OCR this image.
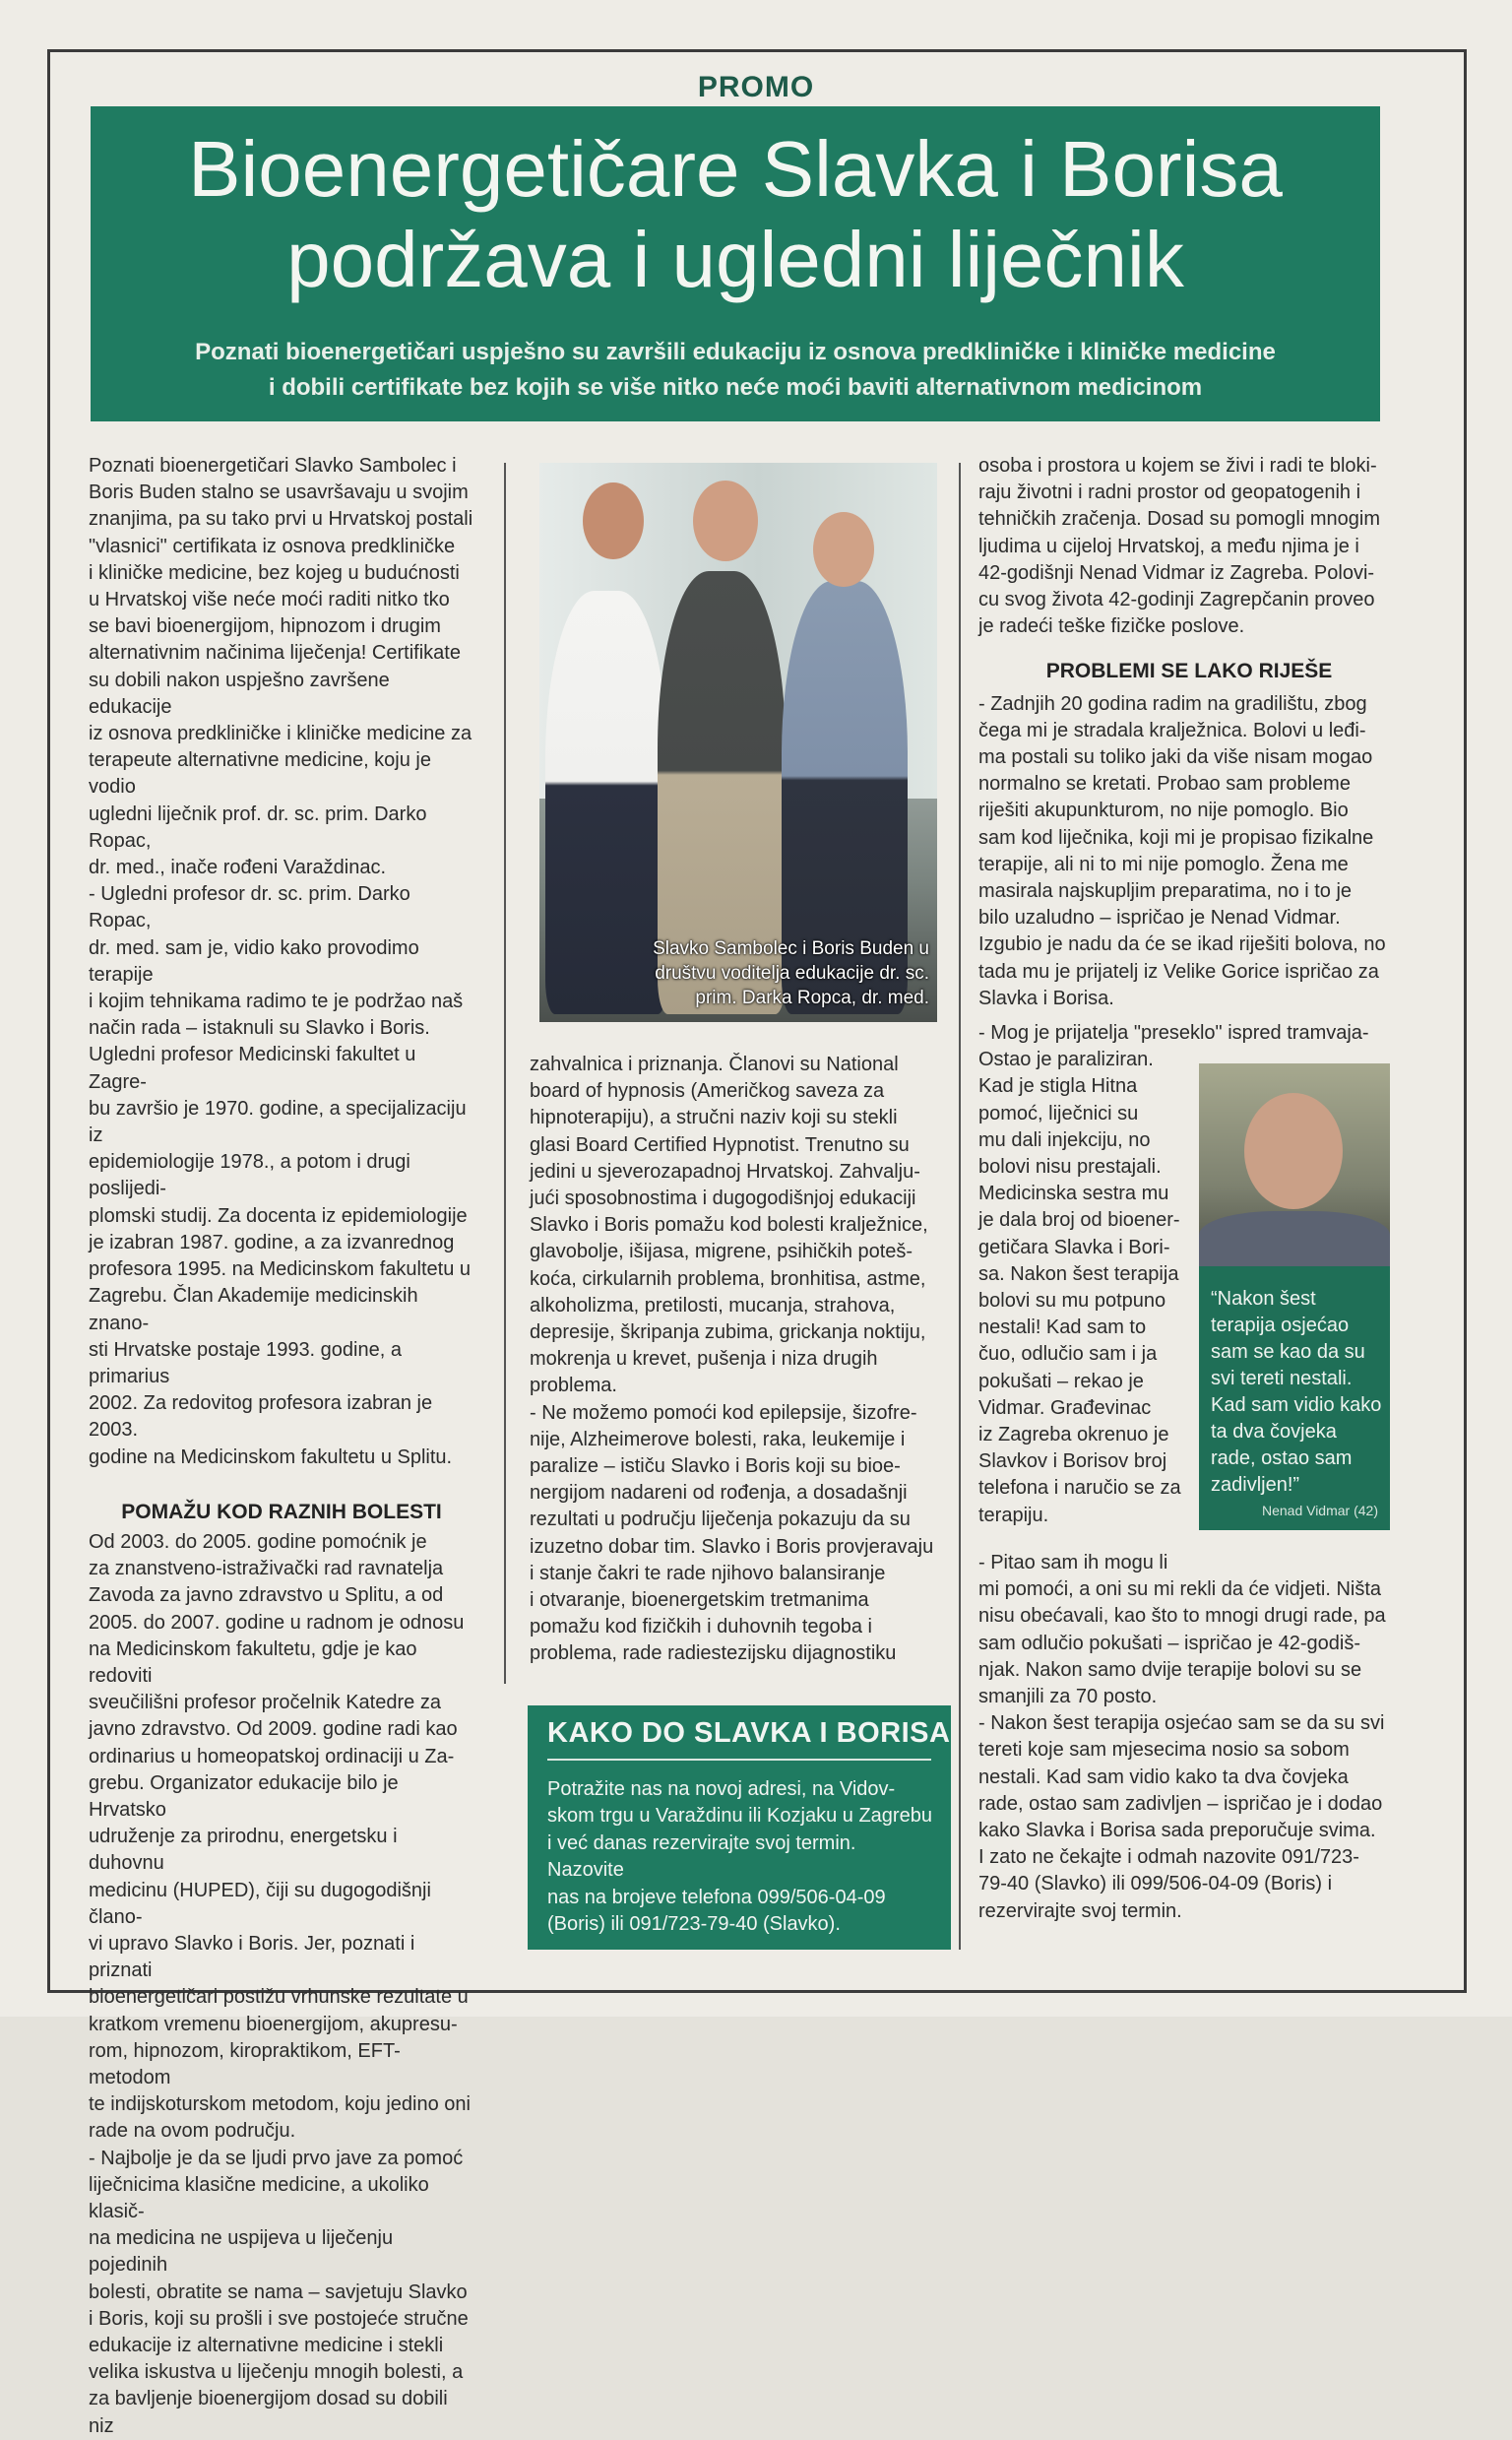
PROMO
Bioenergetičare Slavka i Borisa
podržava i ugledni liječnik
Poznati bioenergetičari uspješno su završili edukaciju iz osnova predkliničke i kliničke medicine
i dobili certifikate bez kojih se više nitko neće moći baviti alternativnom medicinom

Poznati bioenergetičari Slavko Sambolec i
Boris Buden stalno se usavršavaju u svojim
znanjima, pa su tako prvi u Hrvatskoj postali
"vlasnici" certifikata iz osnova predkliničke
i kliničke medicine, bez kojeg u budućnosti
u Hrvatskoj više neće moći raditi nitko tko
se bavi bioenergijom, hipnozom i drugim
alternativnim načinima liječenja! Certifikate
su dobili nakon uspješno završene edukacije
iz osnova predkliničke i kliničke medicine za
terapeute alternativne medicine, koju je vodio
ugledni liječnik prof. dr. sc. prim. Darko Ropac,
dr. med., inače rođeni Varaždinac.

- Ugledni profesor dr. sc. prim. Darko Ropac,
dr. med. sam je, vidio kako provodimo terapije
i kojim tehnikama radimo te je podržao naš
način rada – istaknuli su Slavko i Boris.
Ugledni profesor Medicinski fakultet u Zagre-
bu završio je 1970. godine, a specijalizaciju iz
epidemiologije 1978., a potom i drugi poslijedi-
plomski studij. Za docenta iz epidemiologije
je izabran 1987. godine, a za izvanrednog
profesora 1995. na Medicinskom fakultetu u
Zagrebu. Član Akademije medicinskih znano-
sti Hrvatske postaje 1993. godine, a primarius
2002. Za redovitog profesora izabran je 2003.
godine na Medicinskom fakultetu u Splitu.

POMAŽU KOD RAZNIH BOLESTI

Od 2003. do 2005. godine pomoćnik je
za znanstveno-istraživački rad ravnatelja
Zavoda za javno zdravstvo u Splitu, a od
2005. do 2007. godine u radnom je odnosu
na Medicinskom fakultetu, gdje je kao redoviti
sveučilišni profesor pročelnik Katedre za
javno zdravstvo. Od 2009. godine radi kao
ordinarius u homeopatskoj ordinaciji u Za-
grebu. Organizator edukacije bilo je Hrvatsko
udruženje za prirodnu, energetsku i duhovnu
medicinu (HUPED), čiji su dugogodišnji člano-
vi upravo Slavko i Boris. Jer, poznati i priznati
bioenergetičari postižu vrhunske rezultate u
kratkom vremenu bioenergijom, akupresu-
rom, hipnozom, kiropraktikom, EFT-metodom
te indijskoturskom metodom, koju jedino oni
rade na ovom području.

- Najbolje je da se ljudi prvo jave za pomoć
liječnicima klasične medicine, a ukoliko klasič-
na medicina ne uspijeva u liječenju pojedinih
bolesti, obratite se nama – savjetuju Slavko
i Boris, koji su prošli i sve postojeće stručne
edukacije iz alternativne medicine i stekli
velika iskustva u liječenju mnogih bolesti, a
za bavljenje bioenergijom dosad su dobili niz

Slavko Sambolec i Boris Buden u
društvu voditelja edukacije dr. sc.
prim. Darka Ropca, dr. med.

zahvalnica i priznanja. Članovi su National
board of hypnosis (Američkog saveza za
hipnoterapiju), a stručni naziv koji su stekli
glasi Board Certified Hypnotist. Trenutno su
jedini u sjeverozapadnoj Hrvatskoj. Zahvalju-
jući sposobnostima i dugogodišnjoj edukaciji
Slavko i Boris pomažu kod bolesti kralježnice,
glavobolje, išijasa, migrene, psihičkih poteš-
koća, cirkularnih problema, bronhitisa, astme,
alkoholizma, pretilosti, mucanja, strahova,
depresije, škripanja zubima, grickanja noktiju,
mokrenja u krevet, pušenja i niza drugih
problema.

- Ne možemo pomoći kod epilepsije, šizofre-
nije, Alzheimerove bolesti, raka, leukemije i
paralize – ističu Slavko i Boris koji su bioe-
nergijom nadareni od rođenja, a dosadašnji
rezultati u području liječenja pokazuju da su
izuzetno dobar tim. Slavko i Boris provjeravaju
i stanje čakri te rade njihovo balansiranje
i otvaranje, bioenergetskim tretmanima
pomažu kod fizičkih i duhovnih tegoba i
problema, rade radiestezijsku dijagnostiku

KAKO DO SLAVKA I BORISA
Potražite nas na novoj adresi, na Vidov-
skom trgu u Varaždinu ili Kozjaku u Zagrebu
i već danas rezervirajte svoj termin. Nazovite
nas na brojeve telefona 099/506-04-09
(Boris) ili 091/723-79-40 (Slavko).

osoba i prostora u kojem se živi i radi te bloki-
raju životni i radni prostor od geopatogenih i
tehničkih zračenja. Dosad su pomogli mnogim
ljudima u cijeloj Hrvatskoj, a među njima je i
42-godišnji Nenad Vidmar iz Zagreba. Polovi-
cu svog života 42-godinji Zagrepčanin proveo
je radeći teške fizičke poslove.

PROBLEMI SE LAKO RIJEŠE

- Zadnjih 20 godina radim na gradilištu, zbog
čega mi je stradala kralježnica. Bolovi u leđi-
ma postali su toliko jaki da više nisam mogao
normalno se kretati. Probao sam probleme
riješiti akupunkturom, no nije pomoglo. Bio
sam kod liječnika, koji mi je propisao fizikalne
terapije, ali ni to mi nije pomoglo. Žena me
masirala najskupljim preparatima, no i to je
bilo uzaludno – ispričao je Nenad Vidmar.
Izgubio je nadu da će se ikad riješiti bolova, no
tada mu je prijatelj iz Velike Gorice ispričao za
Slavka i Borisa.

- Mog je prijatelja "preseklo" ispred tramvaja-
Ostao je paraliziran.
Kad je stigla Hitna
pomoć, liječnici su
mu dali injekciju, no
bolovi nisu prestajali.
Medicinska sestra mu
je dala broj od bioener-
getičara Slavka i Bori-
sa. Nakon šest terapija
bolovi su mu potpuno
nestali! Kad sam to
čuo, odlučio sam i ja
pokušati – rekao je
Vidmar. Građevinac
iz Zagreba okrenuo je
Slavkov i Borisov broj
telefona i naručio se za
terapiju.

- Pitao sam ih mogu li
mi pomoći, a oni su mi rekli da će vidjeti. Ništa
nisu obećavali, kao što to mnogi drugi rade, pa
sam odlučio pokušati – ispričao je 42-godiš-
njak. Nakon samo dvije terapije bolovi su se
smanjili za 70 posto.

- Nakon šest terapija osjećao sam se da su svi
tereti koje sam mjesecima nosio sa sobom
nestali. Kad sam vidio kako ta dva čovjeka
rade, ostao sam zadivljen – ispričao je i dodao
kako Slavka i Borisa sada preporučuje svima.
I zato ne čekajte i odmah nazovite 091/723-
79-40 (Slavko) ili 099/506-04-09 (Boris) i
rezervirajte svoj termin.

“Nakon šest terapija osjećao sam se kao da su svi tereti nestali. Kad sam vidio kako ta dva čovjeka rade, ostao sam zadivljen!”
Nenad Vidmar (42)
